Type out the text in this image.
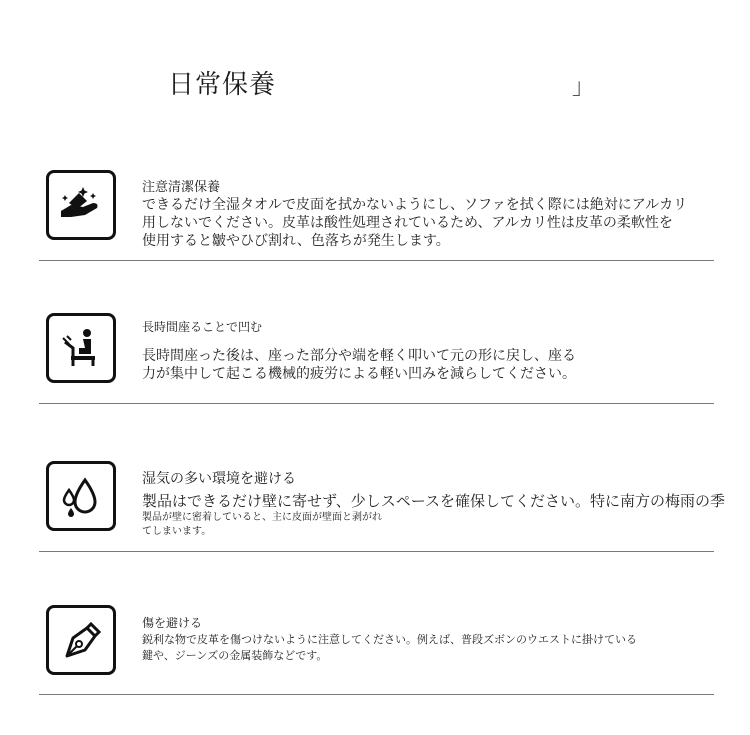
日常保養	」
注意清潔保養
できるだけ全湿タオルで皮面を拭かないようにし、ソファを拭く際には絶対にアルカリ
用しないでください。皮革は酸性処理されているため、アルカリ性は皮革の柔軟性を
使用すると皺やひび割れ、色落ちが発生します。
長時間座ることで凹む
長時間座った後は、座った部分や端を軽く叩いて元の形に戻し、座る
力が集中して起こる機械的疲労による軽い凹みを減らしてください。
湿気の多い環境を避ける
製品はできるだけ壁に寄せず、少しスペースを確保してください。特に南方の梅雨の季
製品が壁に密着していると、主に皮面が壁面と剥がれ
てしまいます。
傷を避ける
鋭利な物で皮革を傷つけないように注意してください。例えば、普段ズボンのウエストに掛けている
鍵や、ジーンズの金属装飾などです。
